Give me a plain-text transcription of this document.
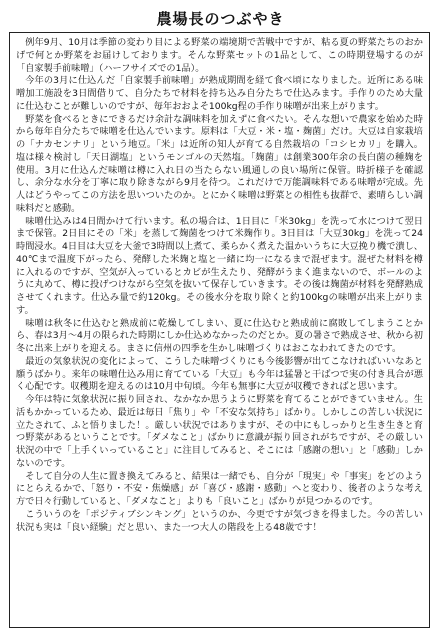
農場長のつぶやき

例年9月、10月は季節の変わり目による野菜の端境期で苦戦中ですが、粘る夏の野菜たちのおかげで何とか野菜をお届けしております。そんな野菜セットの1品として、この時期登場するのが「自家製手前味噌」（ハーフサイズでの1品）。

今年の3月に仕込んだ「自家製手前味噌」が熟成期間を経て食べ頃になりました。近所にある味噌加工施設を3日間借りて、自分たちで材料を持ち込み自分たちで仕込みます。手作りのため大量に仕込むことが難しいのですが、毎年おおよそ100kg程の手作り味噌が出来上がります。

野菜を食べるときにできるだけ余計な調味料を加えずに食べたい。そんな想いで農家を始めた時から毎年自分たちで味噌を仕込んでいます。原料は「大豆・米・塩・麹菌」だけ。大豆は自家栽培の「ナカセンナリ」という地豆。「米」は近所の知人が育てる自然栽培の「コシヒカリ」を購入。塩は様々検討し「天日湖塩」というモンゴルの天然塩。「麹菌」は創業300年余の長白菌の種麹を使用。3月に仕込んだ味噌は樽に入れ日の当たらない風通しの良い場所に保管。時折様子を確認し、余分な水分を丁寧に取り除きながら9月を待つ。これだけで万能調味料である味噌が完成。先人はどうやってこの方法を思いついたのか。とにかく味噌は野菜との相性も抜群で、素晴らしい調味料だと感動。

味噌仕込みは4日間かけて行います。私の場合は、1日目に「米30kg」を洗って水につけて翌日まで保管。2日目にその「米」を蒸して麹菌をつけて米麹作り。3日目は「大豆30kg」を洗って24時間浸水。4日目は大豆を大釜で3時間以上煮て、柔らかく煮えた温かいうちに大豆挽り機で潰し、40℃まで温度下がったら、発酵した米麹と塩と一緒に均一になるまで混ぜます。混ぜた材料を樽に入れるのですが、空気が入っているとカビが生えたり、発酵がうまく進まないので、ボールのように丸めて、樽に投げつけながら空気を抜いて保存していきます。その後は麹菌が材料を発酵熟成させてくれます。仕込み量で約120kg。その後水分を取り除くと約100kgの味噌が出来上がります。

味噌は秋冬に仕込むと熟成前に乾燥してしまい、夏に仕込むと熟成前に腐敗してしまうことから、春は3月〜4月の限られた時期にしか仕込めなかったのだとか。夏の暑さで熟成させ、秋から初冬に出来上がりを迎える。まさに信州の四季を生かし味噌づくりはおこなわれてきたのです。

最近の気象状況の変化によって、こうした味噌づくりにも今後影響が出てこなければいいなあと願うばかり。来年の味噌仕込み用に育てている「大豆」も今年は猛暑と干ばつで実の付き具合が悪く心配です。収穫期を迎えるのは10月中旬頃。今年も無事に大豆が収穫できればと思います。

今年は特に気象状況に振り回され、なかなか思うように野菜を育てることができていません。生活もかかっているため、最近は毎日「焦り」や「不安な気持ち」ばかり。しかしこの苦しい状況に立たされて、ふと悟りました！。厳しい状況ではありますが、その中にもしっかりと生き生きと育つ野菜があるということです。「ダメなこと」ばかりに意識が振り回されがちですが、その厳しい状況の中で「上手くいっていること」に注目してみると、そこには「感謝の想い」と「感動」しかないのです。

そして自分の人生に置き換えてみると、結果は一緒でも、自分が「現実」や「事実」をどのようにとらえるかで、「怒り・不安・焦燥感」が「喜び・感謝・感動」へと変わり、後者のような考え方で日々行動していると、「ダメなこと」よりも「良いこと」ばかりが見つかるのです。

こういうのを「ポジティブシンキング」というのか、今更ですが気づきを得ました。今の苦しい状況も実は「良い経験」だと思い、また一つ大人の階段を上る48歳です！
